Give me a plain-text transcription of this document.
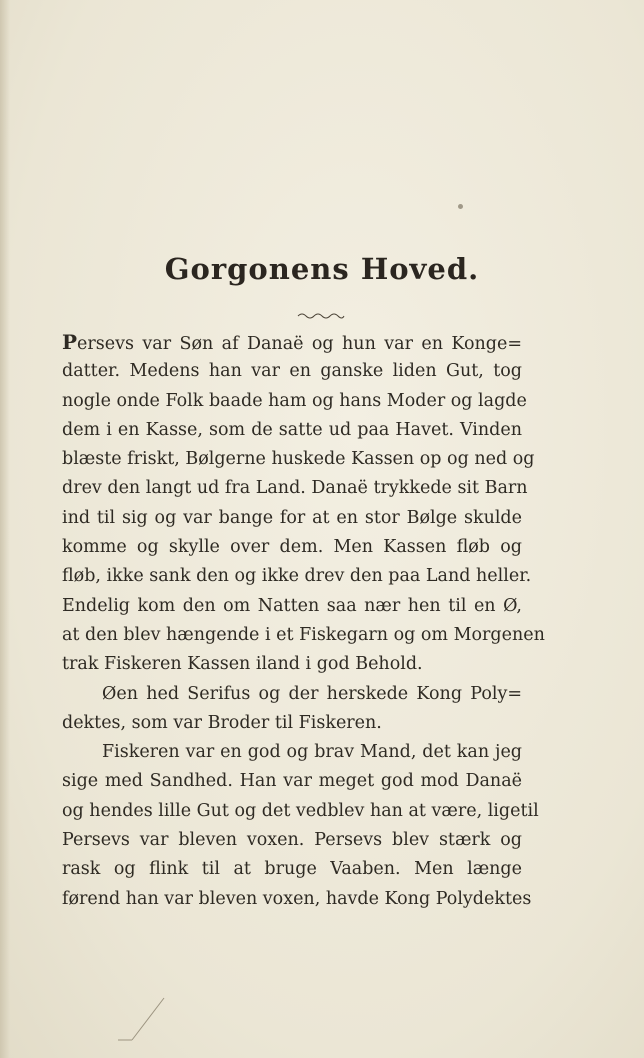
Gorgonens Hoved.
Persevs var Søn af Danaë og hun var en Konge=
datter. Medens han var en ganske liden Gut, tog
nogle onde Folk baade ham og hans Moder og lagde
dem i en Kasse, som de satte ud paa Havet. Vinden
blæste friskt, Bølgerne huskede Kassen op og ned og
drev den langt ud fra Land. Danaë trykkede sit Barn
ind til sig og var bange for at en stor Bølge skulde
komme og skylle over dem. Men Kassen fløb og
fløb, ikke sank den og ikke drev den paa Land heller.
Endelig kom den om Natten saa nær hen til en Ø,
at den blev hængende i et Fiskegarn og om Morgenen
trak Fiskeren Kassen iland i god Behold.
Øen hed Serifus og der herskede Kong Poly=
dektes, som var Broder til Fiskeren.
Fiskeren var en god og brav Mand, det kan jeg
sige med Sandhed. Han var meget god mod Danaë
og hendes lille Gut og det vedblev han at være, ligetil
Persevs var bleven voxen. Persevs blev stærk og
rask og flink til at bruge Vaaben. Men længe
førend han var bleven voxen, havde Kong Polydektes
